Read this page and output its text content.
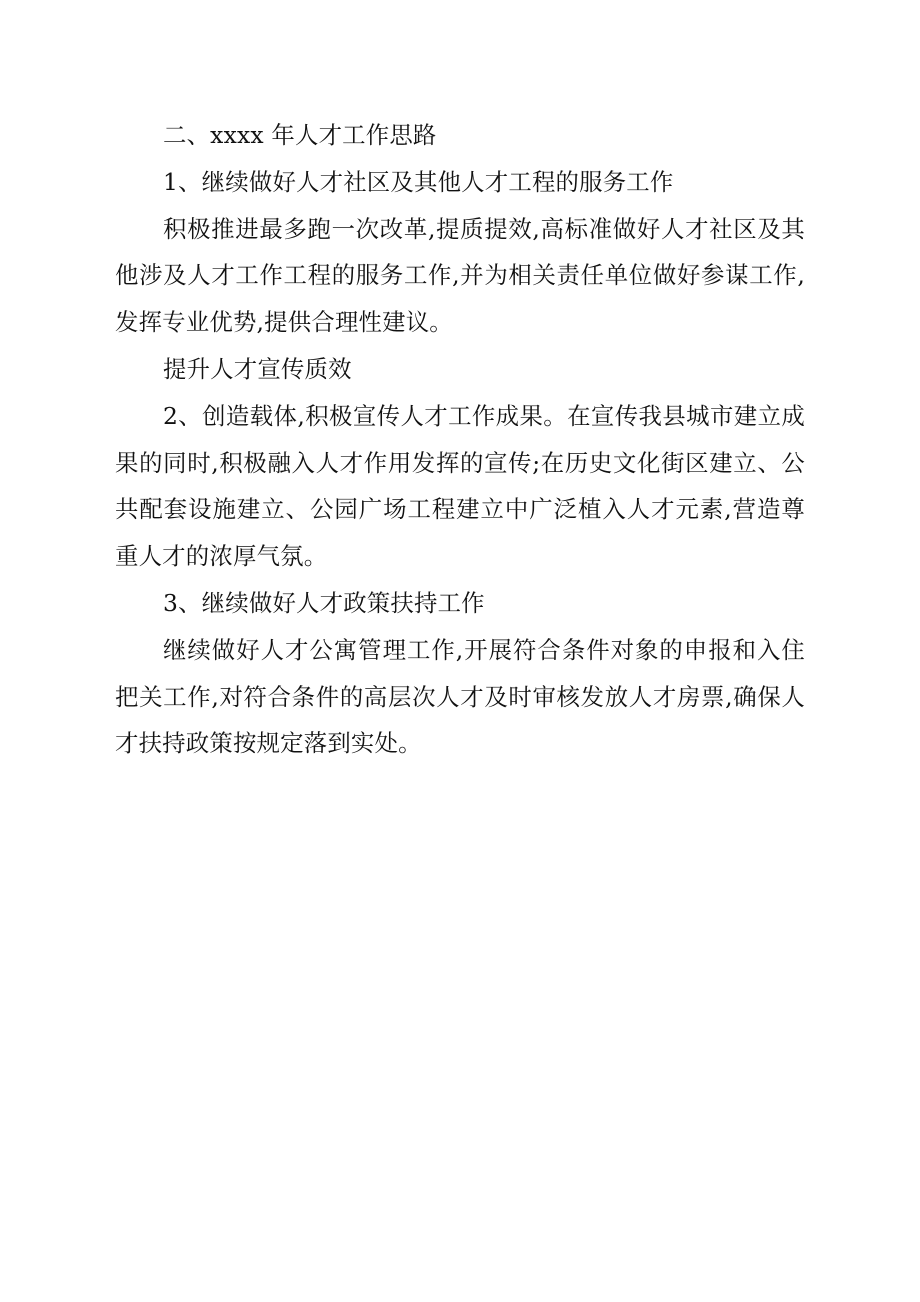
二、xxxx 年人才工作思路

1、继续做好人才社区及其他人才工程的服务工作

积极推进最多跑一次改革,提质提效,高标准做好人才社区及其他涉及人才工作工程的服务工作,并为相关责任单位做好参谋工作,发挥专业优势,提供合理性建议。

提升人才宣传质效

2、创造载体,积极宣传人才工作成果。在宣传我县城市建立成果的同时,积极融入人才作用发挥的宣传;在历史文化街区建立、公共配套设施建立、公园广场工程建立中广泛植入人才元素,营造尊重人才的浓厚气氛。

3、继续做好人才政策扶持工作

继续做好人才公寓管理工作,开展符合条件对象的申报和入住把关工作,对符合条件的高层次人才及时审核发放人才房票,确保人才扶持政策按规定落到实处。
